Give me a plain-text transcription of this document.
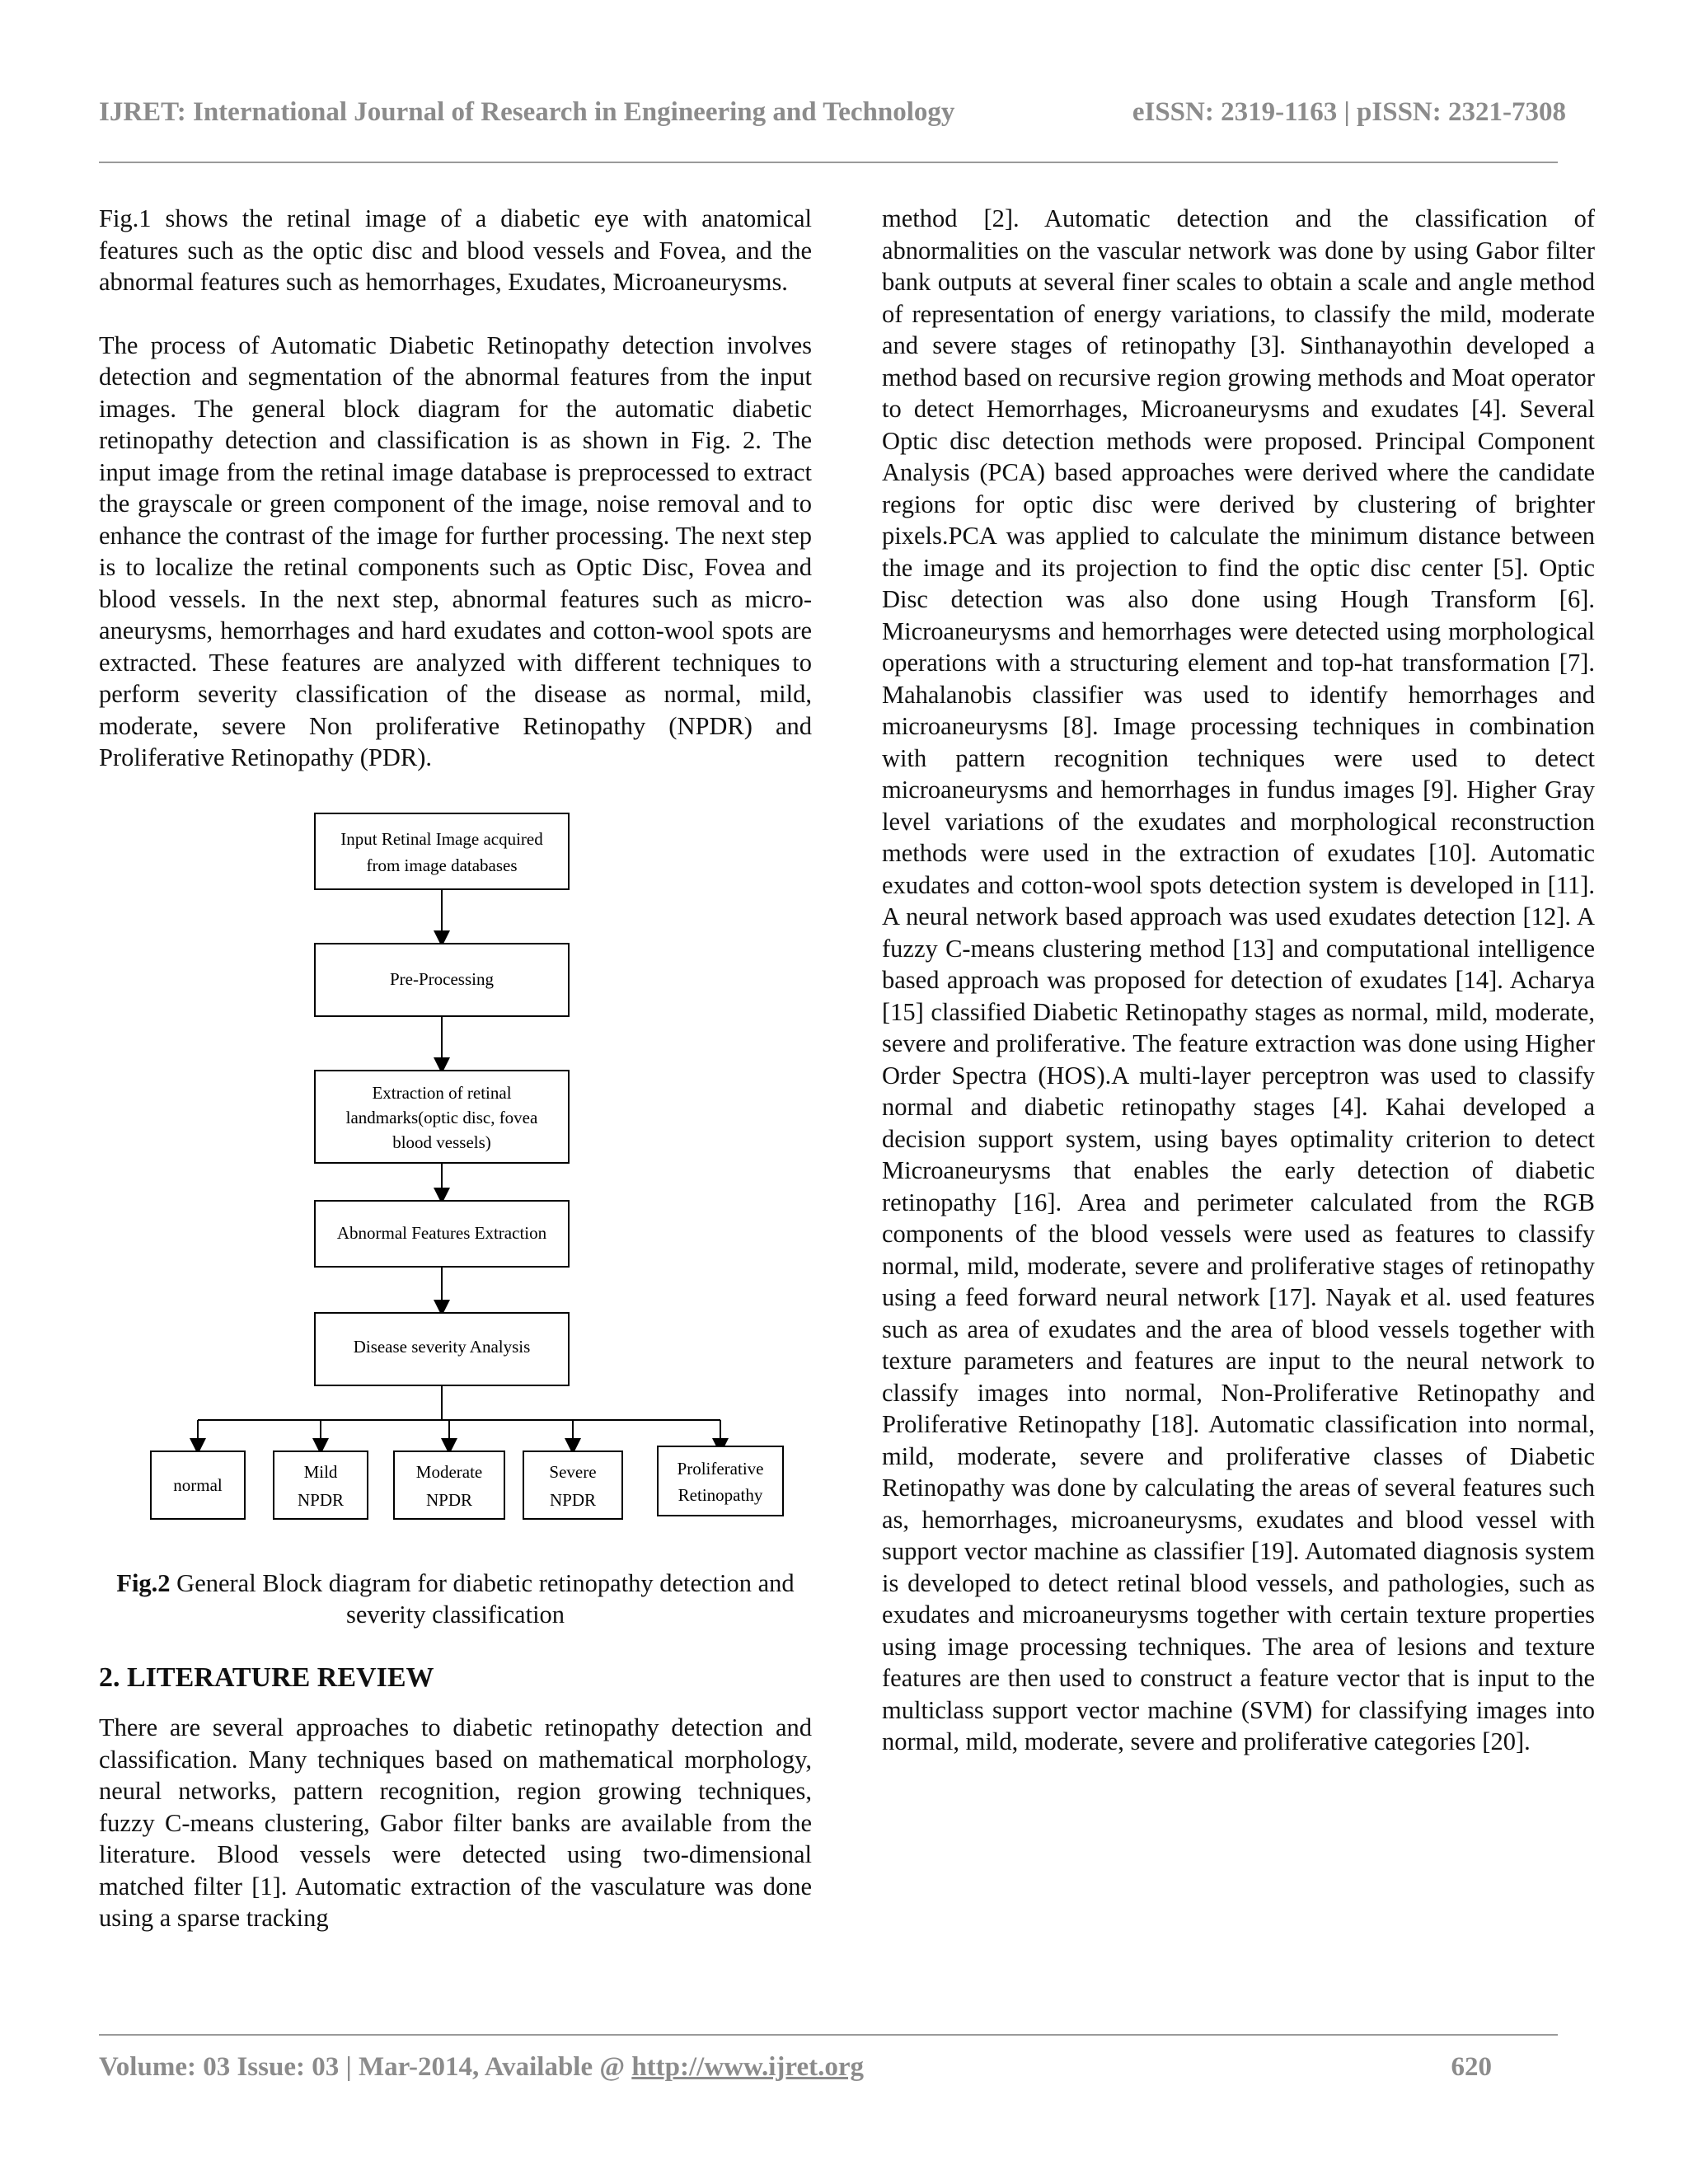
IJRET: International Journal of Research in Engineering and Technology	eISSN: 2319-1163 | pISSN: 2321-7308

Fig.1 shows the retinal image of a diabetic eye with anatomical features such as the optic disc and blood vessels and Fovea, and the abnormal features such as hemorrhages, Exudates, Microaneurysms.

The process of Automatic Diabetic Retinopathy detection involves detection and segmentation of the abnormal features from the input images. The general block diagram for the automatic diabetic retinopathy detection and classification is as shown in Fig. 2. The input image from the retinal image database is preprocessed to extract the grayscale or green component of the image, noise removal and to enhance the contrast of the image for further processing. The next step is to localize the retinal components such as Optic Disc, Fovea and blood vessels. In the next step, abnormal features such as micro-aneurysms, hemorrhages and hard exudates and cotton-wool spots are extracted. These features are analyzed with different techniques to perform severity classification of the disease as normal, mild, moderate, severe Non proliferative Retinopathy (NPDR) and Proliferative Retinopathy (PDR).

Input Retinal Image acquired
from image databases
Pre-Processing
Extraction of retinal
landmarks(optic disc, fovea
blood vessels)
Abnormal Features Extraction
Disease severity Analysis
normal
Mild
NPDR
Moderate
NPDR
Severe
NPDR
Proliferative
Retinopathy

Fig.2 General Block diagram for diabetic retinopathy detection and severity classification

2. LITERATURE REVIEW

There are several approaches to diabetic retinopathy detection and classification. Many techniques based on mathematical morphology, neural networks, pattern recognition, region growing techniques, fuzzy C-means clustering, Gabor filter banks are available from the literature. Blood vessels were detected using two-dimensional matched filter [1]. Automatic extraction of the vasculature was done using a sparse tracking

method [2]. Automatic detection and the classification of abnormalities on the vascular network was done by using Gabor filter bank outputs at several finer scales to obtain a scale and angle method of representation of energy variations, to classify the mild, moderate and severe stages of retinopathy [3]. Sinthanayothin developed a method based on recursive region growing methods and Moat operator to detect Hemorrhages, Microaneurysms and exudates [4]. Several Optic disc detection methods were proposed. Principal Component Analysis (PCA) based approaches were derived where the candidate regions for optic disc were derived by clustering of brighter pixels.PCA was applied to calculate the minimum distance between the image and its projection to find the optic disc center [5]. Optic Disc detection was also done using Hough Transform [6]. Microaneurysms and hemorrhages were detected using morphological operations with a structuring element and top-hat transformation [7]. Mahalanobis classifier was used to identify hemorrhages and microaneurysms [8]. Image processing techniques in combination with pattern recognition techniques were used to detect microaneurysms and hemorrhages in fundus images [9]. Higher Gray level variations of the exudates and morphological reconstruction methods were used in the extraction of exudates [10]. Automatic exudates and cotton-wool spots detection system is developed in [11]. A neural network based approach was used exudates detection [12]. A fuzzy C-means clustering method [13] and computational intelligence based approach was proposed for detection of exudates [14]. Acharya [15] classified Diabetic Retinopathy stages as normal, mild, moderate, severe and proliferative. The feature extraction was done using Higher Order Spectra (HOS).A multi-layer perceptron was used to classify normal and diabetic retinopathy stages [4]. Kahai developed a decision support system, using bayes optimality criterion to detect Microaneurysms that enables the early detection of diabetic retinopathy [16]. Area and perimeter calculated from the RGB components of the blood vessels were used as features to classify normal, mild, moderate, severe and proliferative stages of retinopathy using a feed forward neural network [17]. Nayak et al. used features such as area of exudates and the area of blood vessels together with texture parameters and features are input to the neural network to classify images into normal, Non-Proliferative Retinopathy and Proliferative Retinopathy [18]. Automatic classification into normal, mild, moderate, severe and proliferative classes of Diabetic Retinopathy was done by calculating the areas of several features such as, hemorrhages, microaneurysms, exudates and blood vessel with support vector machine as classifier [19]. Automated diagnosis system is developed to detect retinal blood vessels, and pathologies, such as exudates and microaneurysms together with certain texture properties using image processing techniques. The area of lesions and texture features are then used to construct a feature vector that is input to the multiclass support vector machine (SVM) for classifying images into normal, mild, moderate, severe and proliferative categories [20].

Volume: 03 Issue: 03 | Mar-2014, Available @ http://www.ijret.org	620
